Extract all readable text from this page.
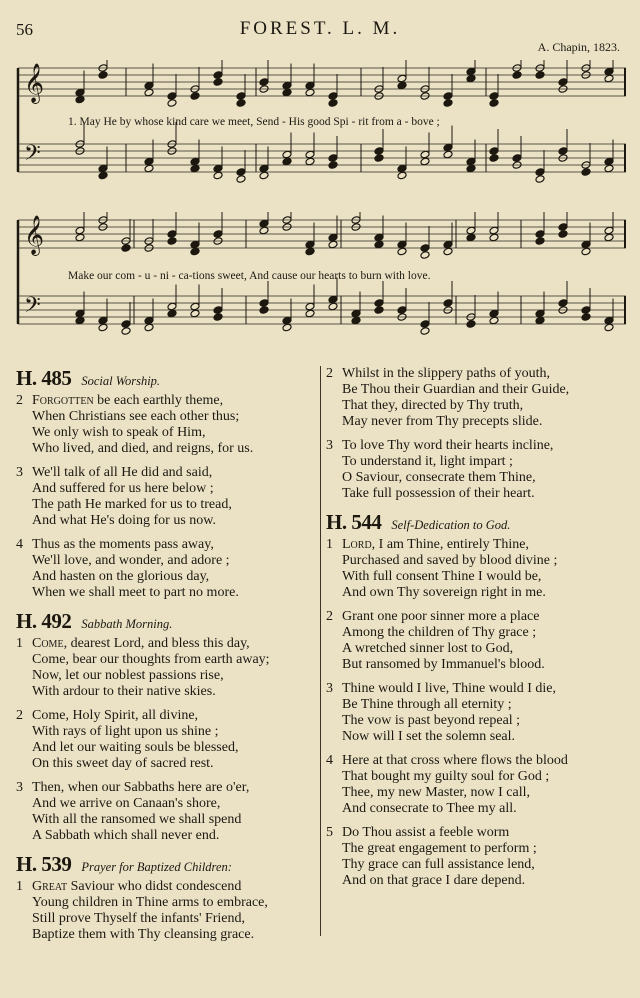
56	FOREST. L. M.
A. Chapin, 1823.
𝄞
𝄢
1. May He by whose kind care we meet, Send - His good Spi - rit from a - bove ;
𝄞
𝄢
Make our com - u - ni - ca-tions sweet, And cause our hearts to burn with love.
H. 485 Social Worship.
2 Forgotten be each earthly theme,
When Christians see each other thus;
We only wish to speak of Him,
Who lived, and died, and reigns, for us.
3 We'll talk of all He did and said,
And suffered for us here below ;
The path He marked for us to tread,
And what He's doing for us now.
4 Thus as the moments pass away,
We'll love, and wonder, and adore ;
And hasten on the glorious day,
When we shall meet to part no more.
H. 492 Sabbath Morning.
1 Come, dearest Lord, and bless this day,
Come, bear our thoughts from earth away;
Now, let our noblest passions rise,
With ardour to their native skies.
2 Come, Holy Spirit, all divine,
With rays of light upon us shine ;
And let our waiting souls be blessed,
On this sweet day of sacred rest.
3 Then, when our Sabbaths here are o'er,
And we arrive on Canaan's shore,
With all the ransomed we shall spend
A Sabbath which shall never end.
H. 539 Prayer for Baptized Children:
1 Great Saviour who didst condescend
Young children in Thine arms to embrace,
Still prove Thyself the infants' Friend,
Baptize them with Thy cleansing grace.
2 Whilst in the slippery paths of youth,
Be Thou their Guardian and their Guide,
That they, directed by Thy truth,
May never from Thy precepts slide.
3 To love Thy word their hearts incline,
To understand it, light impart ;
O Saviour, consecrate them Thine,
Take full possession of their heart.
H. 544 Self-Dedication to God.
1 Lord, I am Thine, entirely Thine,
Purchased and saved by blood divine ;
With full consent Thine I would be,
And own Thy sovereign right in me.
2 Grant one poor sinner more a place
Among the children of Thy grace ;
A wretched sinner lost to God,
But ransomed by Immanuel's blood.
3 Thine would I live, Thine would I die,
Be Thine through all eternity ;
The vow is past beyond repeal ;
Now will I set the solemn seal.
4 Here at that cross where flows the blood
That bought my guilty soul for God ;
Thee, my new Master, now I call,
And consecrate to Thee my all.
5 Do Thou assist a feeble worm
The great engagement to perform ;
Thy grace can full assistance lend,
And on that grace I dare depend.
